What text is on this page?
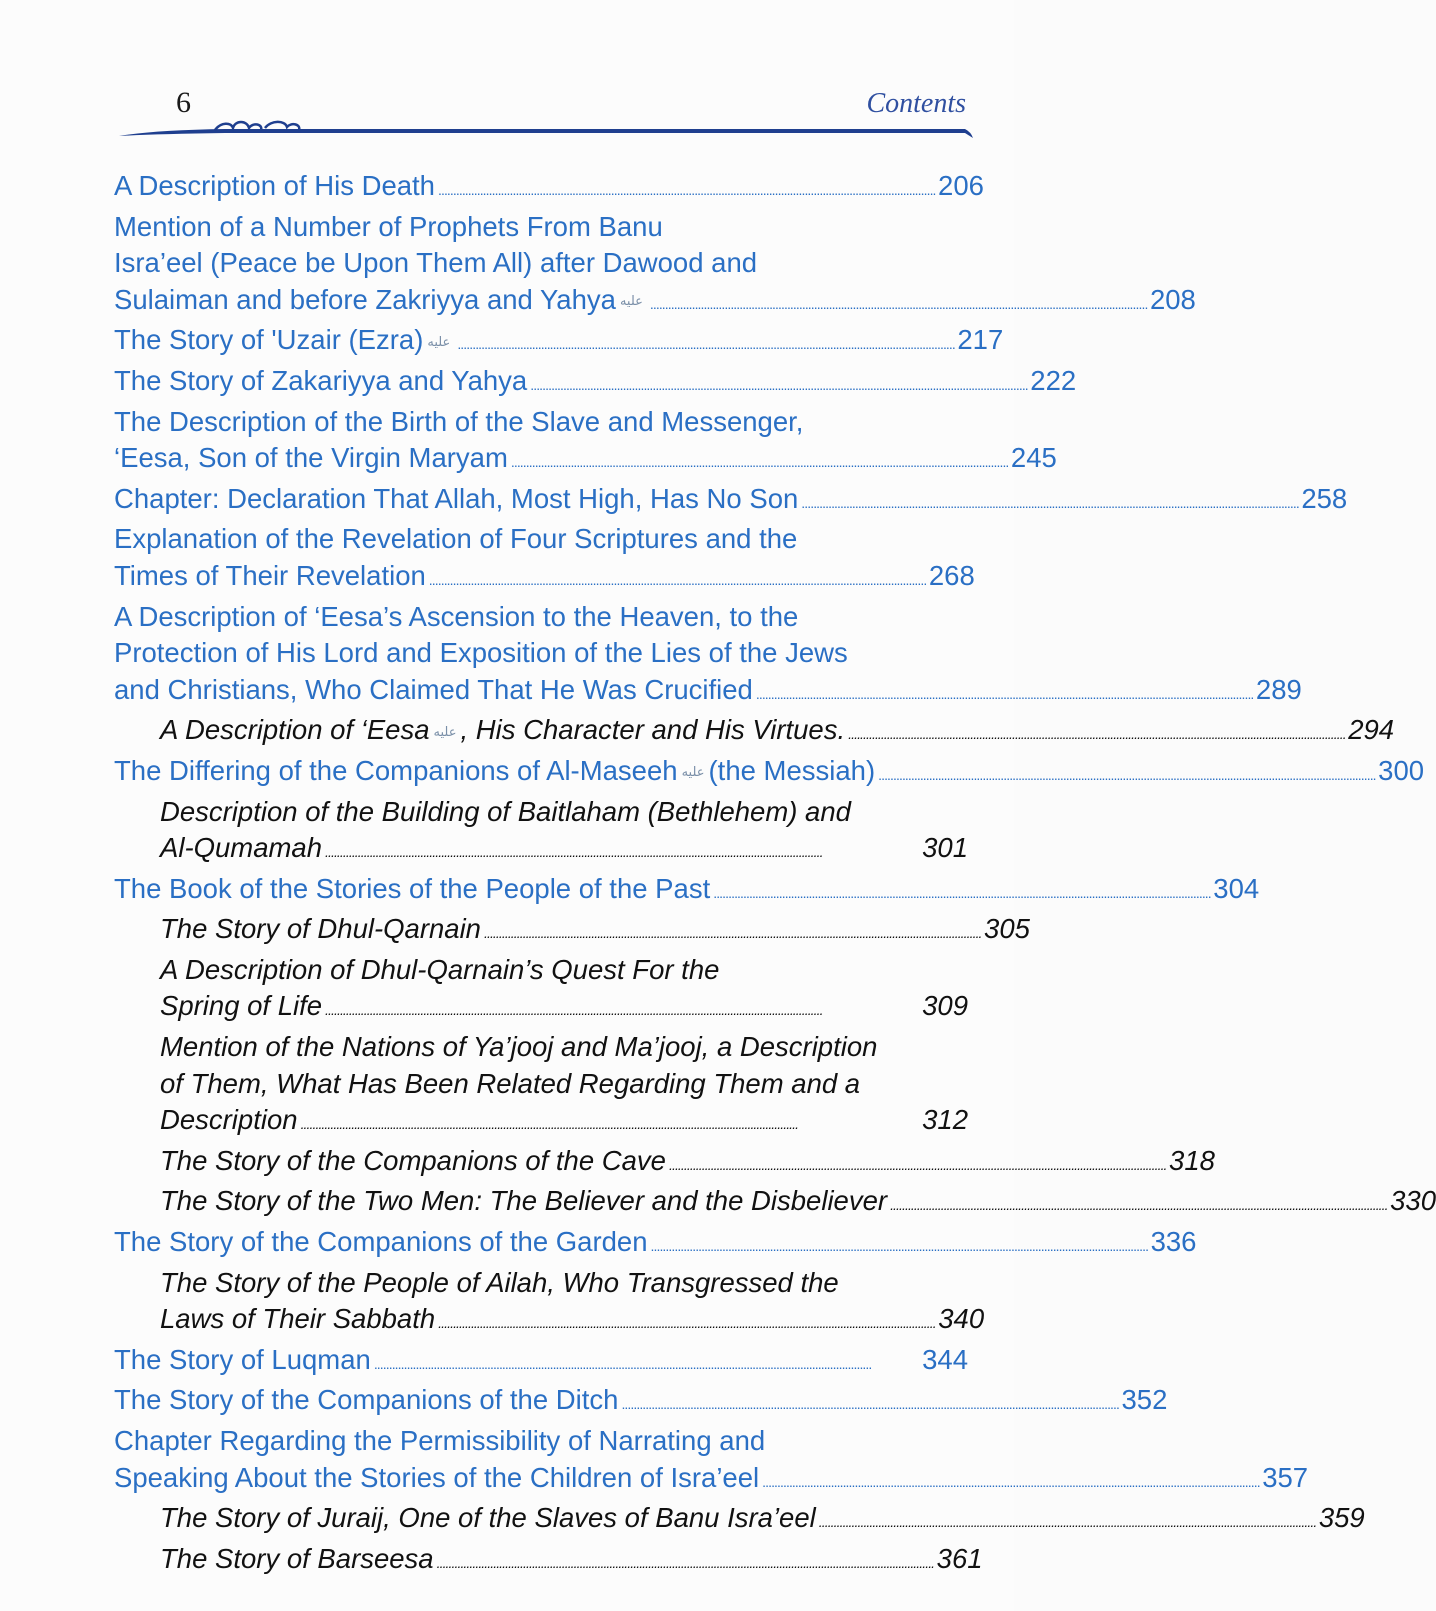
6	Contents
A Description of His Death . . .	206
Mention of a Number of Prophets From Banu
Isra’eel (Peace be Upon Them All) after Dawood and
Sulaiman and before Zakriyya and Yahya عليه . . .	208
The Story of 'Uzair (Ezra) عليه . . .	217
The Story of Zakariyya and Yahya . . .	222
The Description of the Birth of the Slave and Messenger,
‘Eesa, Son of the Virgin Maryam . . .	245
Chapter: Declaration That Allah, Most High, Has No Son . . .	258
Explanation of the Revelation of Four Scriptures and the
Times of Their Revelation . . .	268
A Description of ‘Eesa’s Ascension to the Heaven, to the
Protection of His Lord and Exposition of the Lies of the Jews
and Christians, Who Claimed That He Was Crucified . . .	289
A Description of ‘Eesa عليه , His Character and His Virtues. . . .	294
The Differing of the Companions of Al-Maseeh عليه (the Messiah) . . .	300
Description of the Building of Baitlaham (Bethlehem) and
Al-Qumamah . . .	301
The Book of the Stories of the People of the Past . . .	304
The Story of Dhul-Qarnain . . .	305
A Description of Dhul-Qarnain’s Quest For the
Spring of Life . . .	309
Mention of the Nations of Ya’jooj and Ma’jooj, a Description
of Them, What Has Been Related Regarding Them and a
Description . . .	312
The Story of the Companions of the Cave . . .	318
The Story of the Two Men: The Believer and the Disbeliever . . .	330
The Story of the Companions of the Garden . . .	336
The Story of the People of Ailah, Who Transgressed the
Laws of Their Sabbath . . .	340
The Story of Luqman . . .	344
The Story of the Companions of the Ditch . . .	352
Chapter Regarding the Permissibility of Narrating and
Speaking About the Stories of the Children of Isra’eel . . .	357
The Story of Juraij, One of the Slaves of Banu Isra’eel . . .	359
The Story of Barseesa . . .	361
